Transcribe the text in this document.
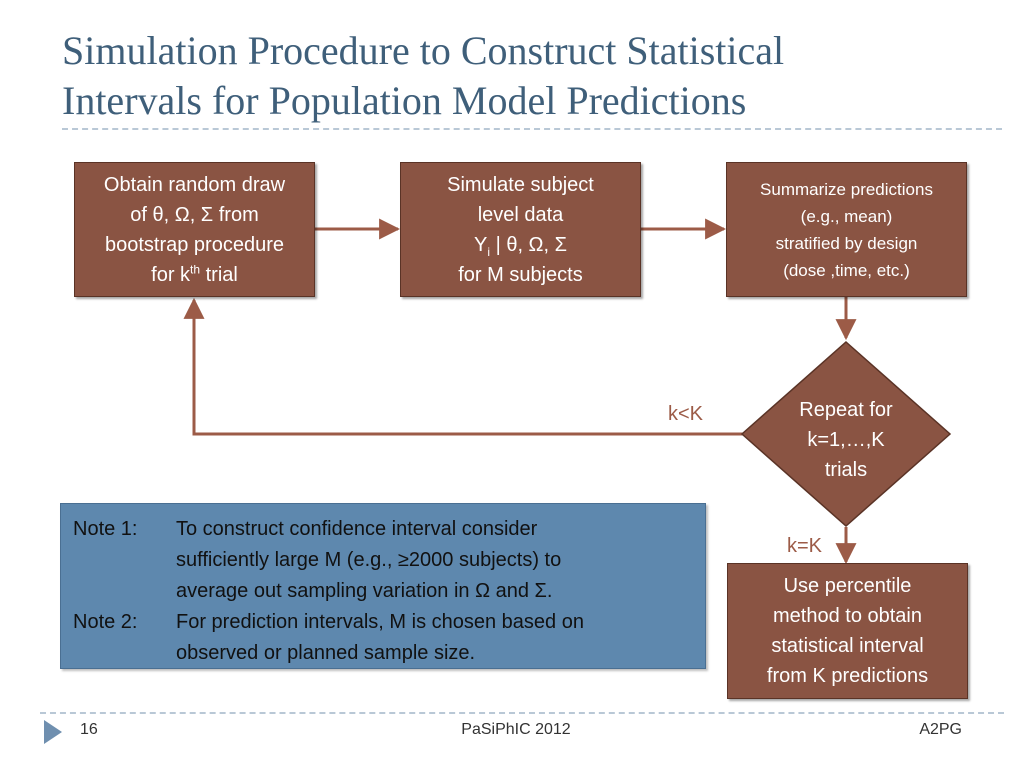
Simulation Procedure to Construct Statistical
Intervals for Population Model Predictions
Obtain random draw
of θ, Ω, Σ from
bootstrap procedure
for $k^{th}$ trial
Simulate subject
level data
$Y_i$ | θ, Ω, Σ
for M subjects
Summarize predictions
(e.g., mean)
stratified by design
(dose ,time, etc.)
Repeat for
k=1,…,K
trials
k<K
k=K
Use percentile
method to obtain
statistical interval
from K predictions
Note 1:	To construct confidence interval consider
sufficiently large M (e.g., ≥2000 subjects) to
average out sampling variation in Ω and Σ.
Note 2:	For prediction intervals, M is chosen based on
observed or planned sample size.
16	PaSiPhIC 2012	A2PG
